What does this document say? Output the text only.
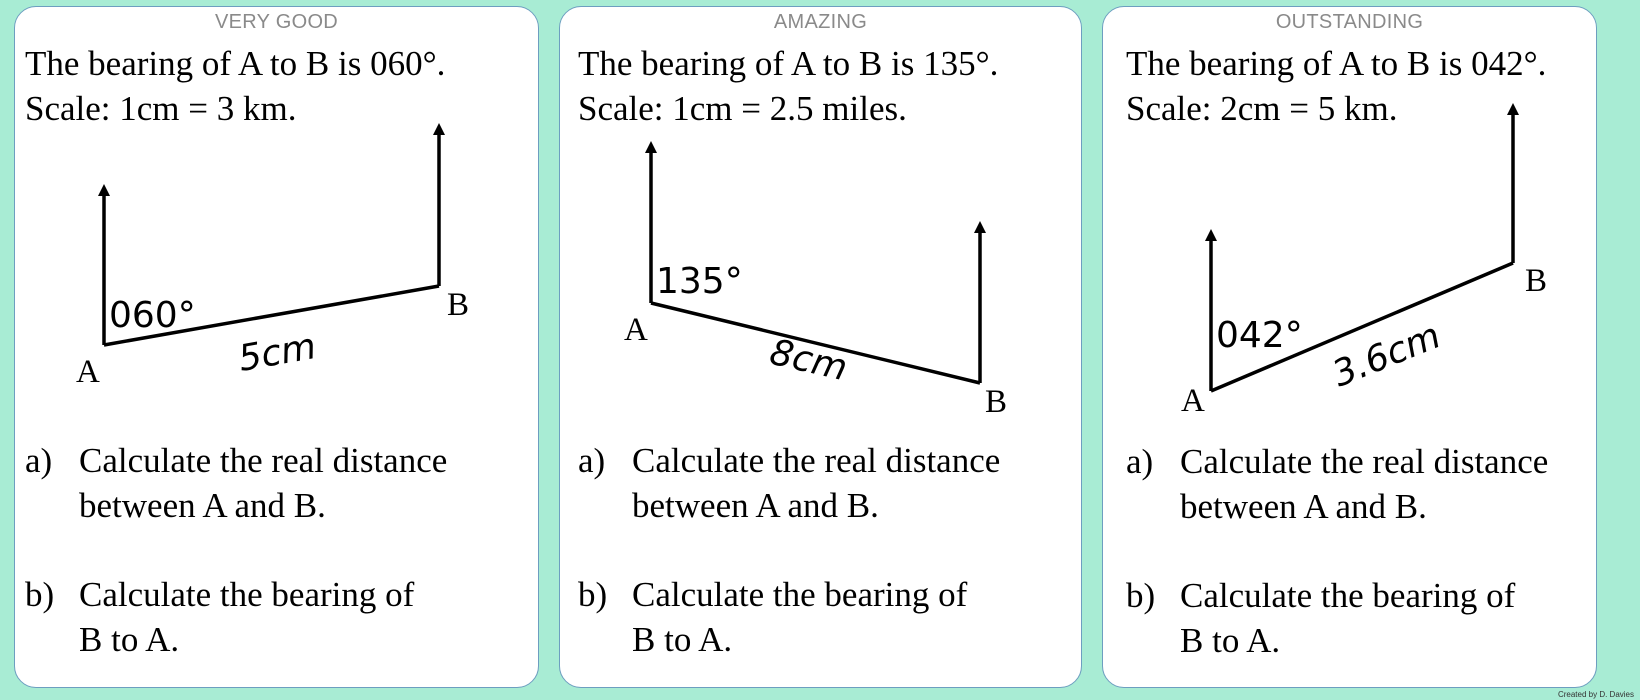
VERY GOOD
The bearing of A to B is 060°.
Scale: 1cm = 3 km.
060°
5cm
A
B
a) Calculate the real distance
between A and B.
b) Calculate the bearing of
B to A.
AMAZING
The bearing of A to B is 135°.
Scale: 1cm = 2.5 miles.
135°
8cm
A
B
a) Calculate the real distance
between A and B.
b) Calculate the bearing of
B to A.
OUTSTANDING
The bearing of A to B is 042°.
Scale: 2cm = 5 km.
042° 3.6cm
A
B
a) Calculate the real distance
between A and B.
b) Calculate the bearing of
B to A.
Created by D. Davies
